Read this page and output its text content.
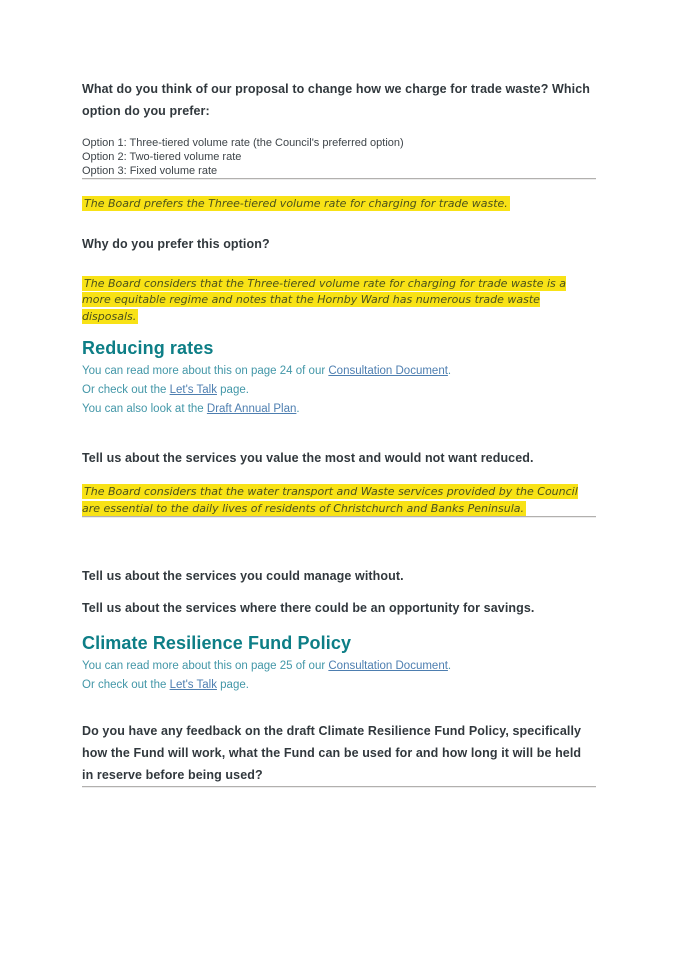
What do you think of our proposal to change how we charge for trade waste? Which option do you prefer:

Option 1: Three-tiered volume rate (the Council's preferred option)
Option 2: Two-tiered volume rate
Option 3: Fixed volume rate

The Board prefers the Three-tiered volume rate for charging for trade waste.

Why do you prefer this option?

The Board considers that the Three-tiered volume rate for charging for trade waste is a more equitable regime and notes that the Hornby Ward has numerous trade waste disposals.

Reducing rates

You can read more about this on page 24 of our Consultation Document.

Or check out the Let's Talk page.

You can also look at the Draft Annual Plan.

Tell us about the services you value the most and would not want reduced.

The Board considers that the water transport and Waste services provided by the Council are essential to the daily lives of residents of Christchurch and Banks Peninsula.

Tell us about the services you could manage without.

Tell us about the services where there could be an opportunity for savings.

Climate Resilience Fund Policy

You can read more about this on page 25 of our Consultation Document.

Or check out the Let's Talk page.

Do you have any feedback on the draft Climate Resilience Fund Policy, specifically how the Fund will work, what the Fund can be used for and how long it will be held in reserve before being used?
